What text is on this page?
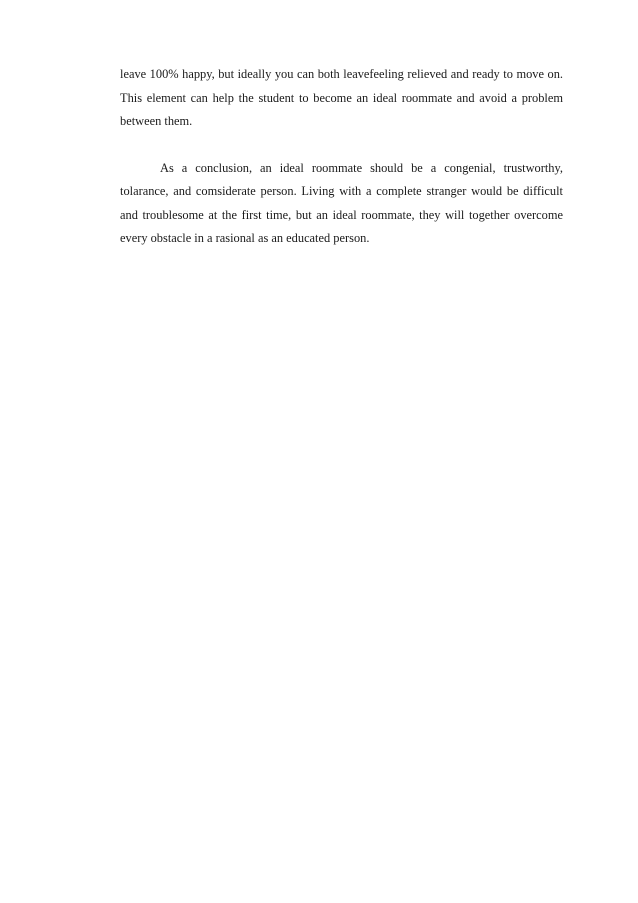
leave 100% happy, but ideally you can both leavefeeling relieved and ready to move on. This element can help the student to become an ideal roommate and avoid a problem between them.

As a conclusion, an ideal roommate should be a congenial, trustworthy, tolarance, and comsiderate person. Living with a complete stranger would be difficult and troublesome at the first time, but an ideal roommate, they will together overcome every obstacle in a rasional as an educated person.
